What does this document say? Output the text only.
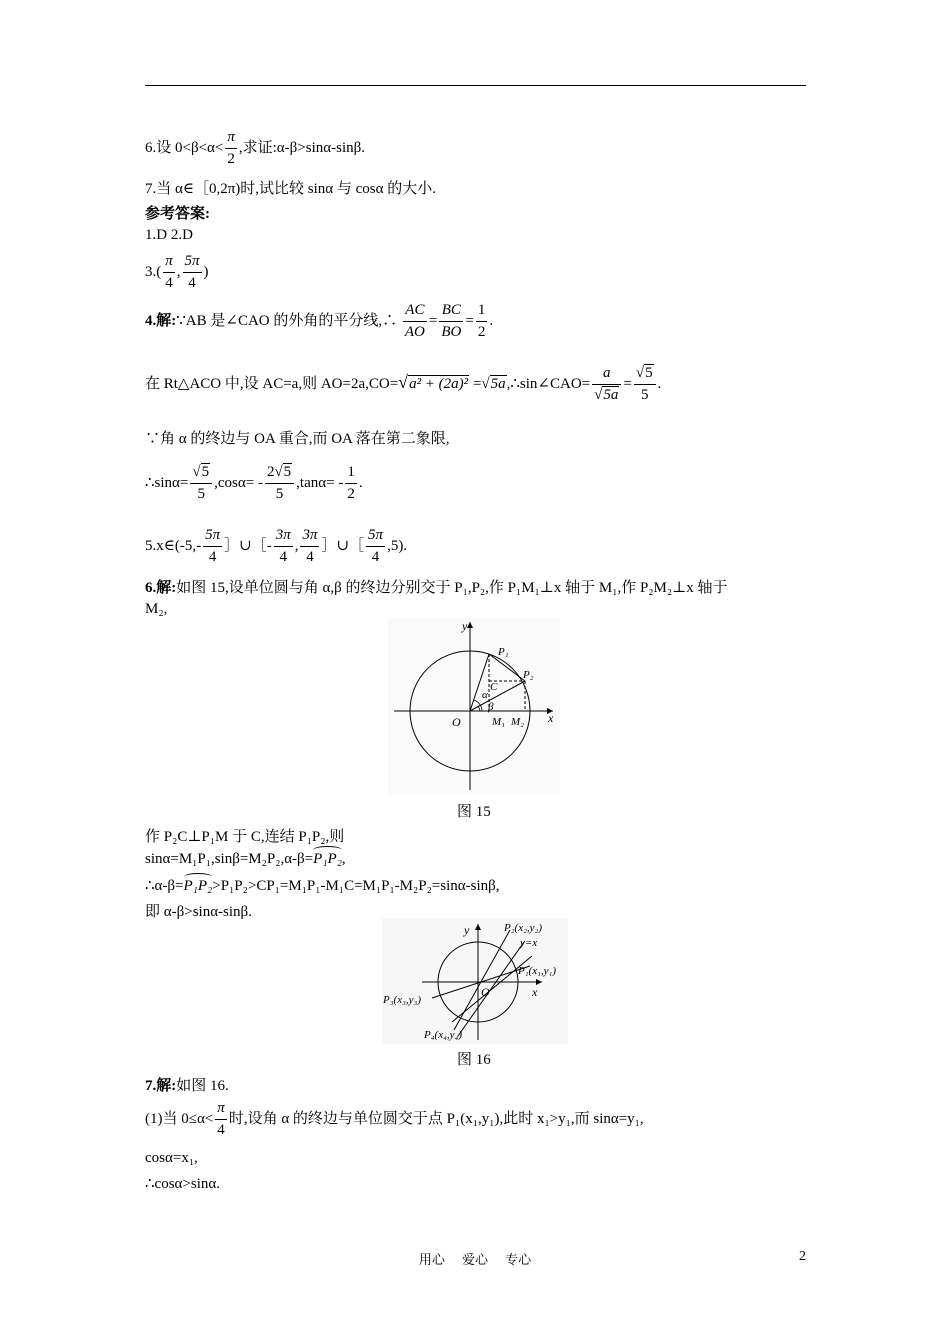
6.设 $0<\beta<\alpha< \frac{\pi}{2}$ ,求证:α-β>sinα-sinβ.
7.当 α∈［0,2π)时,试比较 sinα 与 cosα 的大小.
参考答案:
1.D 2.D
$3.( \frac{\pi}{4}$ , $\frac{5\pi}{4}$ )
4.解:∵AB 是∠CAO 的外角的平分线,∴ $\frac{AC}{AO} = \frac{BC}{BO} = \frac{1}{2}$ .
在 Rt△ACO 中,设 AC=a,则 AO=2a,CO=√a² + (2a)² =√5a,∴sin∠CAO= $\frac{a}{√5a} = \frac{√5}{5}$ .
∵角 α 的终边与 OA 重合,而 OA 落在第二象限,
∴sinα= $\frac{√5}{5} ,\cos\alpha= - \frac{2√5}{5} ,\tan\alpha= - \frac{1}{2}$ .
5.x∈(-5,- $\frac{5\pi}{4}$ ］∪［- $\frac{3\pi}{4}$ , $\frac{3\pi}{4}$ ］∪［ $\frac{5\pi}{4} ,5$).
6.解:如图 15,设单位圆与角 α,β 的终边分别交于 P₁,P₂,作 P₁M₁⊥x 轴于 M₁,作 P₂M₂⊥x 轴于
M₂,
y
x
O
P₁
P₂
C
α
β
M₁ M₂
图 15
作 P₂C⊥P₁M 于 C,连结 P₁P₂,则
sinα=M₁P₁,sinβ=M₂P₂,α-β=P₁P₂,
∴α-β=P₁P₂>P₁P₂>CP₁=M₁P₁-M₁C=M₁P₁-M₂P₂=sinα-sinβ,
即 α-β>sinα-sinβ.
y
x
O
P₂(x₂,y₂)
y=x
P₁(x₁,y₁)
P₃(x₃,y₃)
P₄(x₄,y₄)
图 16
7.解:如图 16.
(1)当 $0\le\alpha< \frac{\pi}{4}$ 时,设角 α 的终边与单位圆交于点 P₁(x₁,y₁),此时 x₁>y₁,而 sinα=y₁,
cosα=x₁,
∴cosα>sinα.
用心　 爱心　 专心	2
